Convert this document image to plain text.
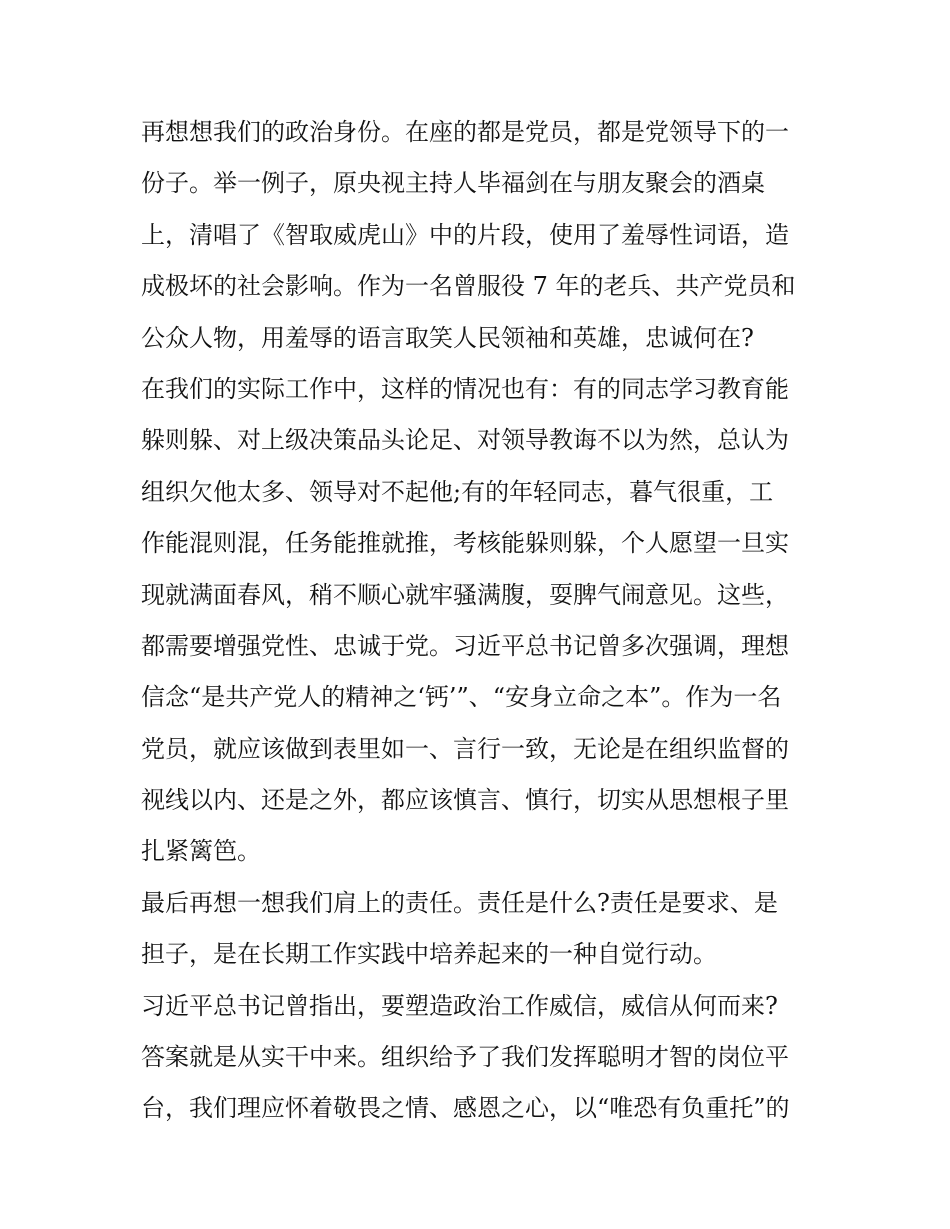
再想想我们的政治身份。在座的都是党员，都是党领导下的一
份子。举一例子，原央视主持人毕福剑在与朋友聚会的酒桌
上，清唱了《智取威虎山》中的片段，使用了羞辱性词语，造
成极坏的社会影响。作为一名曾服役 7 年的老兵、共产党员和
公众人物，用羞辱的语言取笑人民领袖和英雄，忠诚何在?
在我们的实际工作中，这样的情况也有：有的同志学习教育能
躲则躲、对上级决策品头论足、对领导教诲不以为然，总认为
组织欠他太多、领导对不起他;有的年轻同志，暮气很重，工
作能混则混，任务能推就推，考核能躲则躲，个人愿望一旦实
现就满面春风，稍不顺心就牢骚满腹，耍脾气闹意见。这些，
都需要增强党性、忠诚于党。习近平总书记曾多次强调，理想
信念“是共产党人的精神之‘钙’”、“安身立命之本”。作为一名
党员，就应该做到表里如一、言行一致，无论是在组织监督的
视线以内、还是之外，都应该慎言、慎行，切实从思想根子里
扎紧篱笆。
最后再想一想我们肩上的责任。责任是什么?责任是要求、是
担子，是在长期工作实践中培养起来的一种自觉行动。
习近平总书记曾指出，要塑造政治工作威信，威信从何而来?
答案就是从实干中来。组织给予了我们发挥聪明才智的岗位平
台，我们理应怀着敬畏之情、感恩之心，以“唯恐有负重托”的
